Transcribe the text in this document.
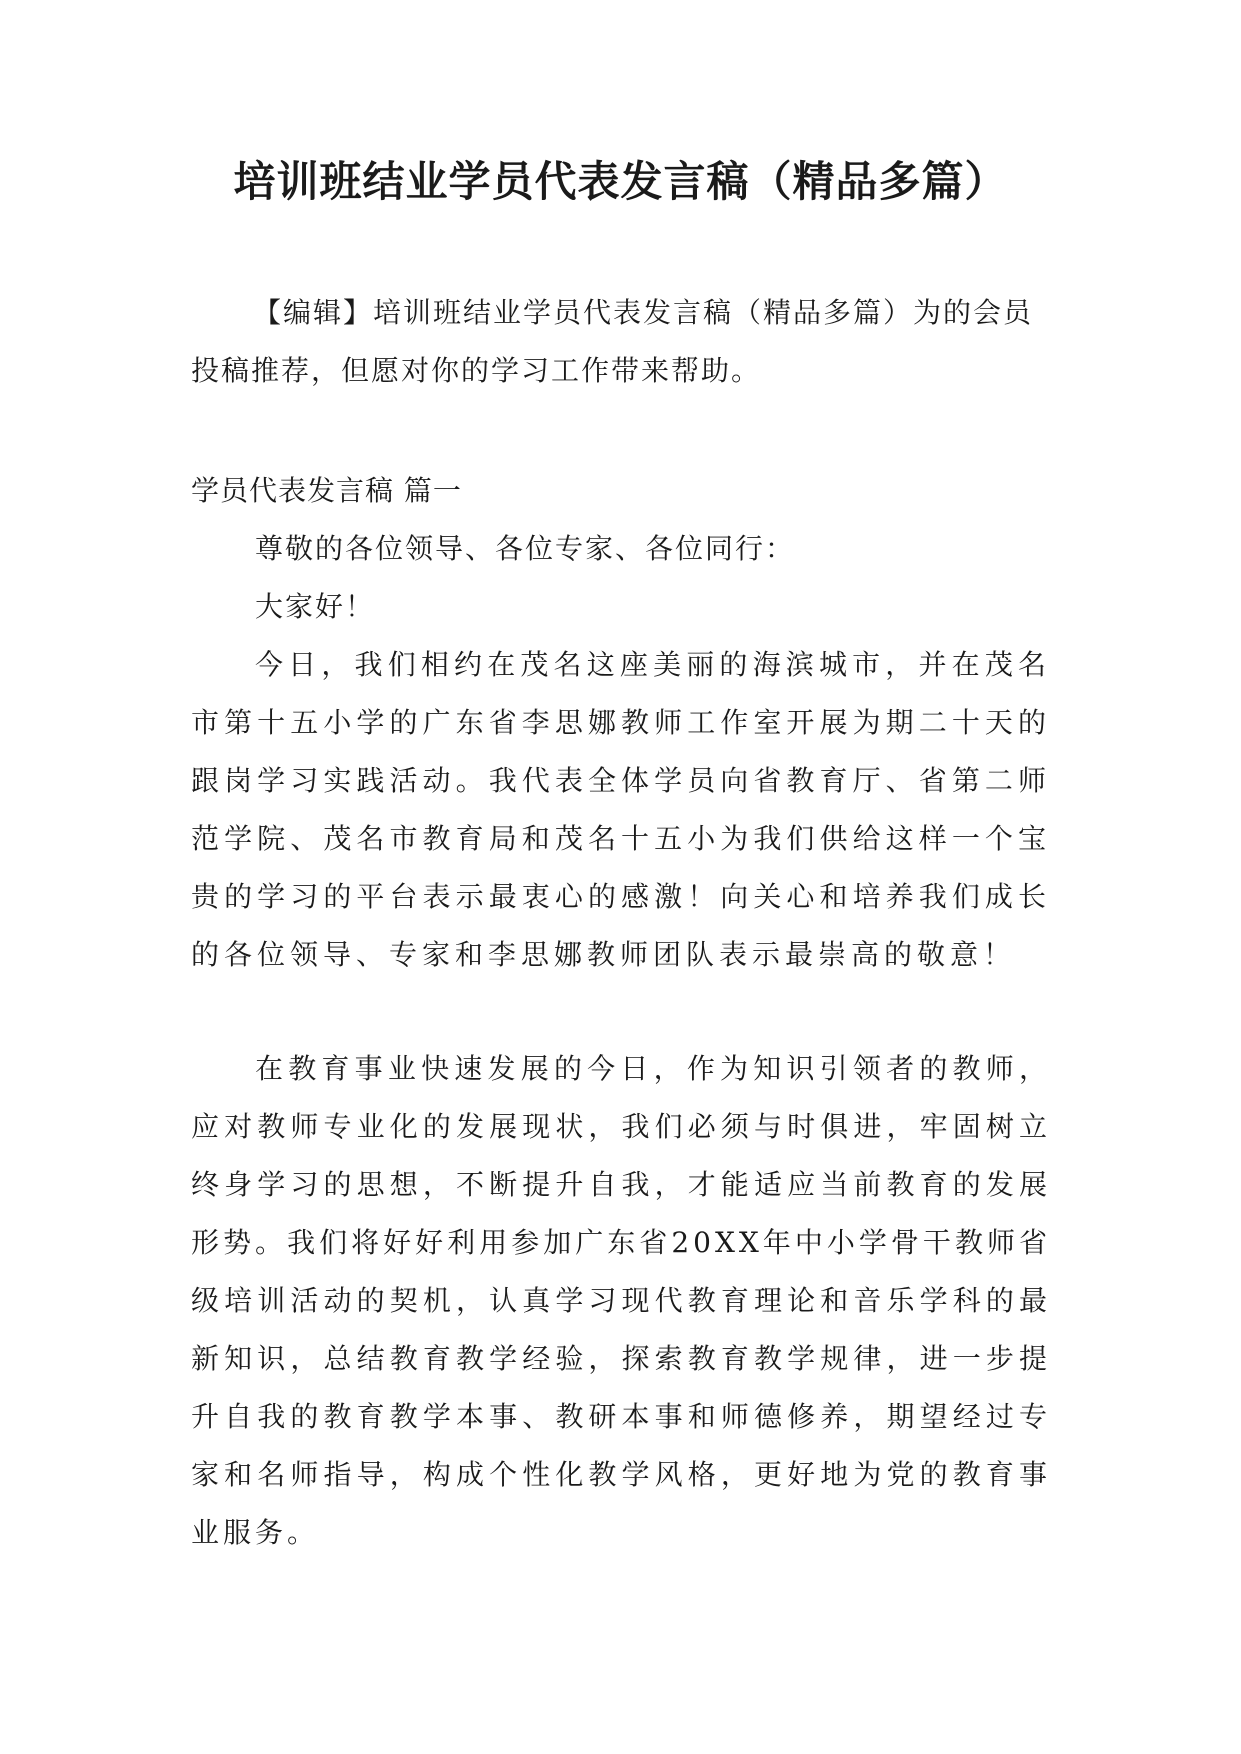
培训班结业学员代表发言稿（精品多篇）

【编辑】培训班结业学员代表发言稿（精品多篇）为的会员投稿推荐，但愿对你的学习工作带来帮助。

学员代表发言稿 篇一

尊敬的各位领导、各位专家、各位同行：

大家好！

今日，我们相约在茂名这座美丽的海滨城市，并在茂名市第十五小学的广东省李思娜教师工作室开展为期二十天的跟岗学习实践活动。我代表全体学员向省教育厅、省第二师范学院、茂名市教育局和茂名十五小为我们供给这样一个宝贵的学习的平台表示最衷心的感激！向关心和培养我们成长的各位领导、专家和李思娜教师团队表示最崇高的敬意！

在教育事业快速发展的今日，作为知识引领者的教师，应对教师专业化的发展现状，我们必须与时俱进，牢固树立终身学习的思想，不断提升自我，才能适应当前教育的发展形势。我们将好好利用参加广东省20XX年中小学骨干教师省级培训活动的契机，认真学习现代教育理论和音乐学科的最新知识，总结教育教学经验，探索教育教学规律，进一步提升自我的教育教学本事、教研本事和师德修养，期望经过专家和名师指导，构成个性化教学风格，更好地为党的教育事业服务。
